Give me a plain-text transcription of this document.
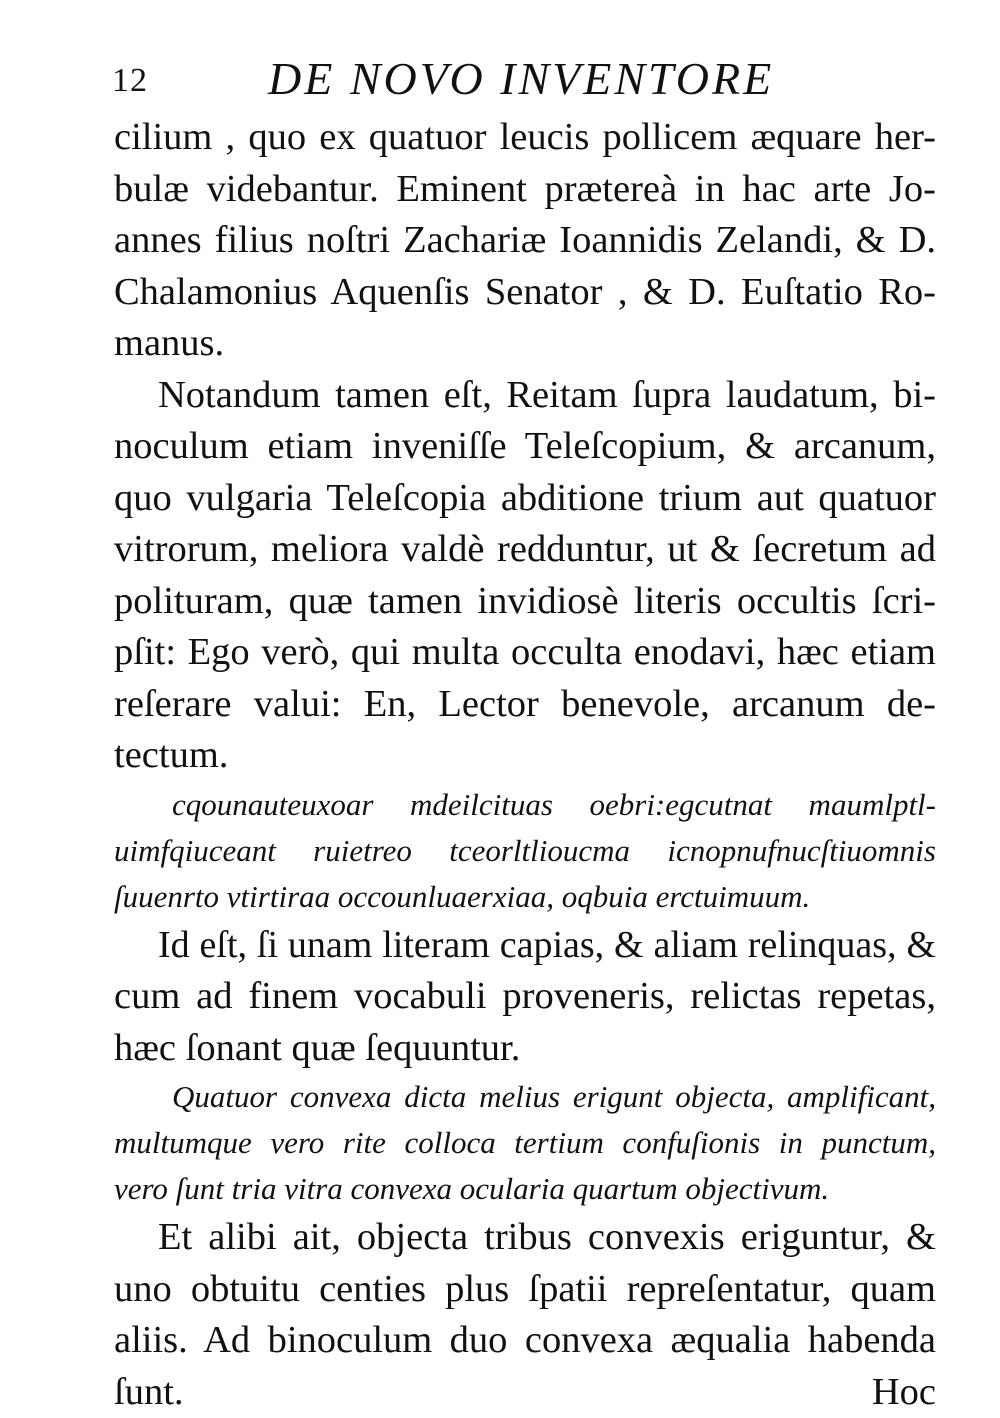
12	DE NOVO INVENTORE
cilium , quo ex quatuor leucis pollicem æquare her-
bulæ videbantur. Eminent prætereà in hac arte Jo-
annes filius noſtri Zachariæ Ioannidis Zelandi, & D.
Chalamonius Aquenſis Senator , & D. Euſtatio Ro-
manus.
Notandum tamen eſt, Reitam ſupra laudatum, bi-
noculum etiam inveniſſe Teleſcopium, & arcanum,
quo vulgaria Teleſcopia abditione trium aut quatuor
vitrorum, meliora valdè redduntur, ut & ſecretum ad
polituram, quæ tamen invidiosè literis occultis ſcri-
pſit: Ego verò, qui multa occulta enodavi, hæc etiam
reſerare valui: En, Lector benevole, arcanum de-
tectum.
cqounauteuxoar mdeilcituas oebri:egcutnat maumlptl-
uimfqiuceant ruietreo tceorltlioucma icnopnufnucſtiuomnis
ſuuenrto vtirtiraa occounluaerxiaa, oqbuia erctuimuum.
Id eſt, ſi unam literam capias, & aliam relinquas, &
cum ad finem vocabuli proveneris, relictas repetas,
hæc ſonant quæ ſequuntur.
Quatuor convexa dicta melius erigunt objecta, amplificant,
multumque vero rite colloca tertium confuſionis in punctum,
vero ſunt tria vitra convexa ocularia quartum objectivum.
Et alibi ait, objecta tribus convexis eriguntur, &
uno obtuitu centies plus ſpatii repreſentatur, quam
aliis. Ad binoculum duo convexa æqualia habenda
ſunt.	Hoc
